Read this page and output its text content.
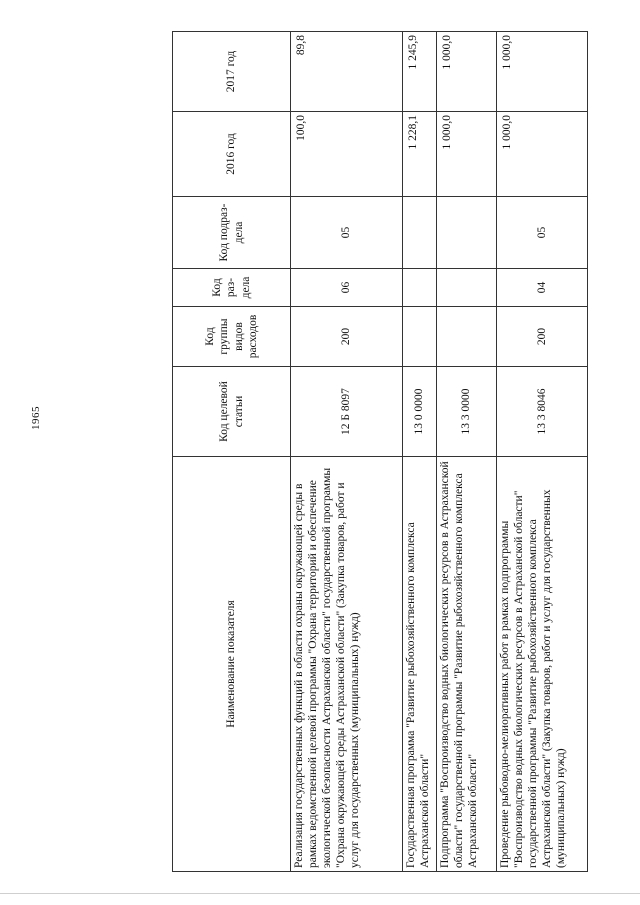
1965
Наименование показателя	Код целевой статьи	Код группы видов расходов	Код раз- дела	Код подраз- дела	2016 год	2017 год
Реализация государственных функций в области охраны окружающей среды в рамках ведомственной целевой программы "Охрана территорий и обеспечение экологической безопасности Астраханской области" государственной программы "Охрана окружающей среды Астраханской области" (Закупка товаров, работ и услуг для государственных (муниципальных) нужд)	12 Б 8097	200	06	05	100,0	89,8
Государственная программа "Развитие рыбохозяйственного комплекса Астраханской области"	13 0 0000				1 228,1	1 245,9
Подпрограмма "Воспроизводство водных биологических ресурсов в Астраханской области" государственной программы "Развитие рыбохозяйственного комплекса Астраханской области"	13 3 0000				1 000,0	1 000,0
Проведение рыбоводно-мелиоративных работ в рамках подпрограммы "Воспроизводство водных биологических ресурсов в Астраханской области" государственной программы "Развитие рыбохозяйственного комплекса Астраханской области" (Закупка товаров, работ и услуг для государственных (муниципальных) нужд)	13 3 8046	200	04	05	1 000,0	1 000,0
